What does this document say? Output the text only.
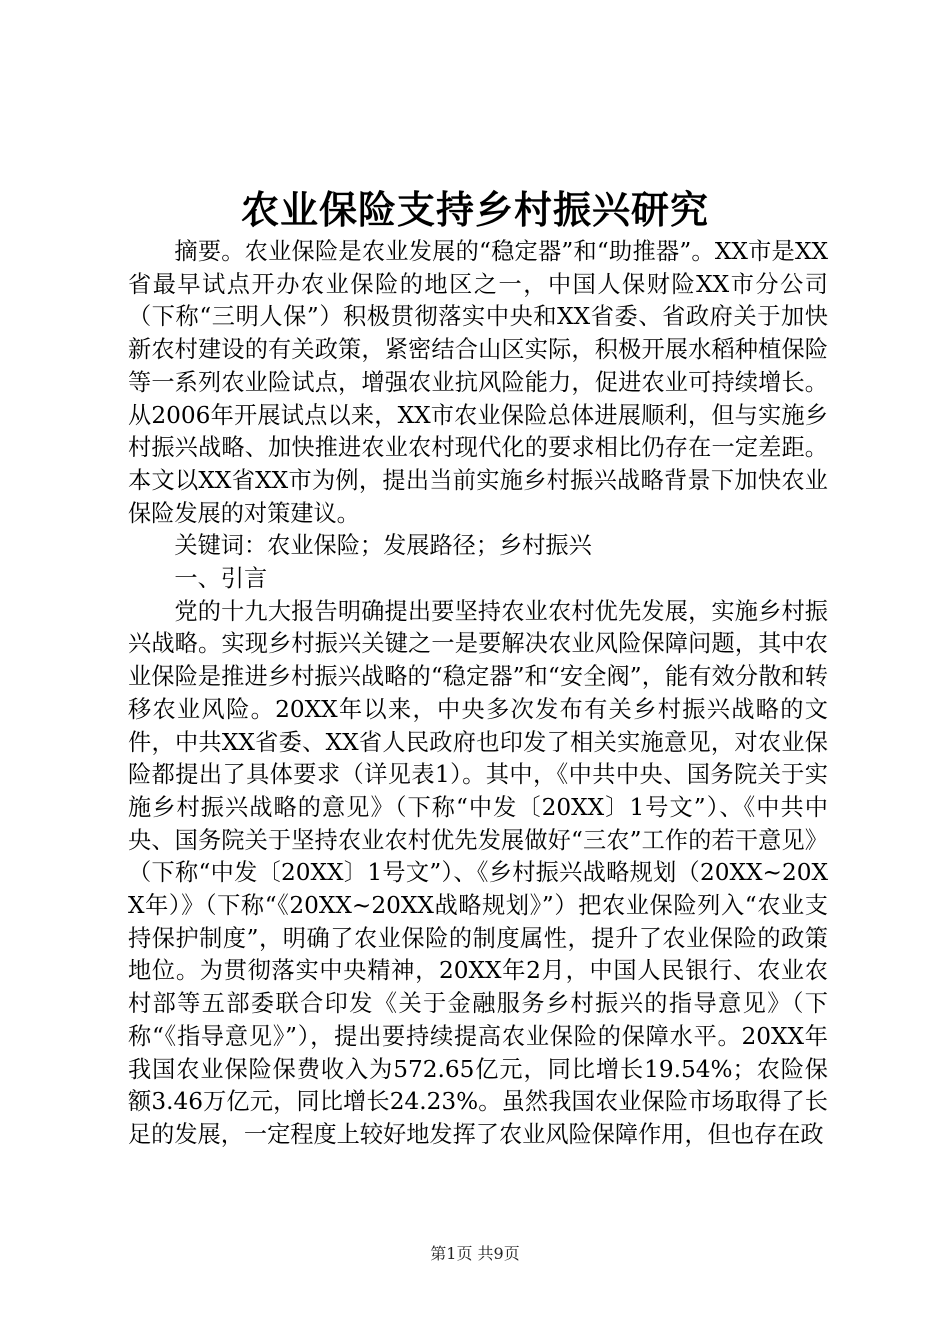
农业保险支持乡村振兴研究

摘要。农业保险是农业发展的“稳定器”和“助推器”。XX市是XX省最早试点开办农业保险的地区之一，中国人保财险XX市分公司（下称“三明人保”）积极贯彻落实中央和XX省委、省政府关于加快新农村建设的有关政策，紧密结合山区实际，积极开展水稻种植保险等一系列农业险试点，增强农业抗风险能力，促进农业可持续增长。从2006年开展试点以来，XX市农业保险总体进展顺利，但与实施乡村振兴战略、加快推进农业农村现代化的要求相比仍存在一定差距。本文以XX省XX市为例，提出当前实施乡村振兴战略背景下加快农业保险发展的对策建议。

关键词：农业保险；发展路径；乡村振兴

一、引言

党的十九大报告明确提出要坚持农业农村优先发展，实施乡村振兴战略。实现乡村振兴关键之一是要解决农业风险保障问题，其中农业保险是推进乡村振兴战略的“稳定器”和“安全阀”，能有效分散和转移农业风险。20XX年以来，中央多次发布有关乡村振兴战略的文件，中共XX省委、XX省人民政府也印发了相关实施意见，对农业保险都提出了具体要求（详见表1）。其中，《中共中央、国务院关于实施乡村振兴战略的意见》（下称“中发〔20XX〕1号文”）、《中共中央、国务院关于坚持农业农村优先发展做好“三农”工作的若干意见》（下称“中发〔20XX〕1号文”）、《乡村振兴战略规划（20XX~20XX年）》（下称“《20XX~20XX战略规划》”）把农业保险列入“农业支持保护制度”，明确了农业保险的制度属性，提升了农业保险的政策地位。为贯彻落实中央精神，20XX年2月，中国人民银行、农业农村部等五部委联合印发《关于金融服务乡村振兴的指导意见》（下称“《指导意见》”），提出要持续提高农业保险的保障水平。20XX年我国农业保险保费收入为572.65亿元，同比增长19.54%；农险保额3.46万亿元，同比增长24.23%。虽然我国农业保险市场取得了长足的发展，一定程度上较好地发挥了农业风险保障作用，但也存在政

第1页 共9页
